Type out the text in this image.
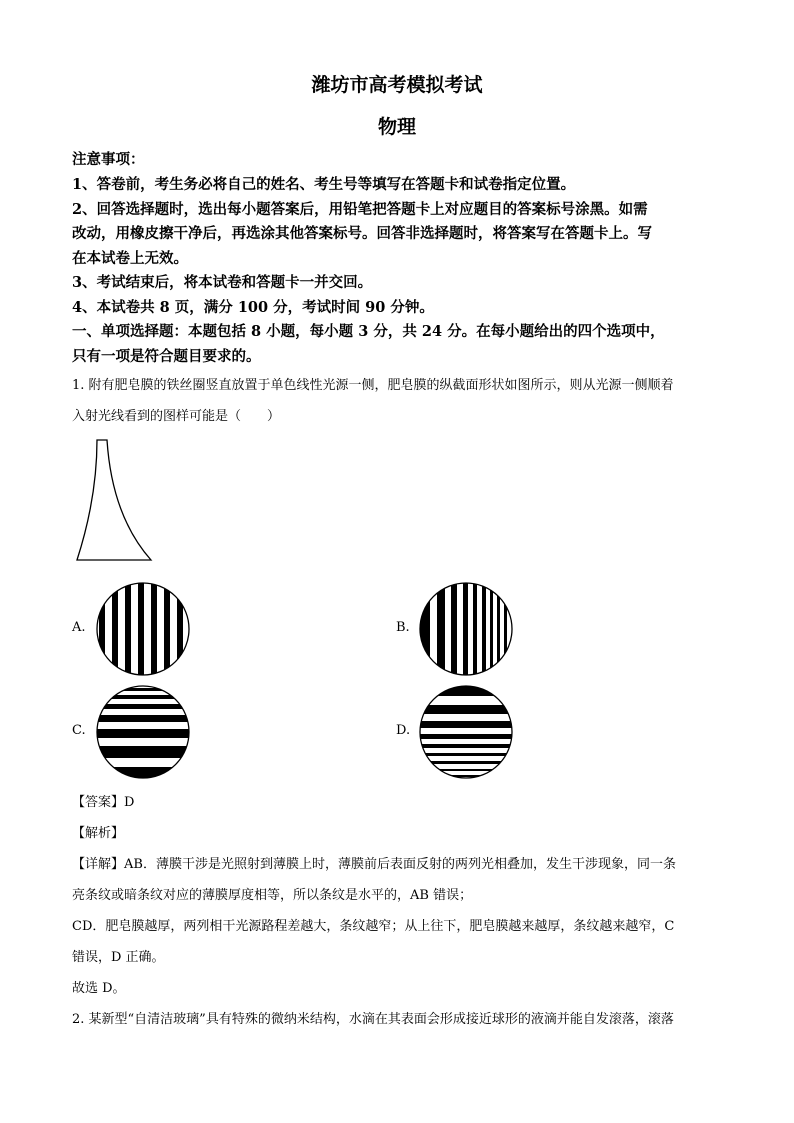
潍坊市高考模拟考试
物理
注意事项：
1、答卷前，考生务必将自己的姓名、考生号等填写在答题卡和试卷指定位置。
2、回答选择题时，选出每小题答案后，用铅笔把答题卡上对应题目的答案标号涂黑。如需
改动，用橡皮擦干净后，再选涂其他答案标号。回答非选择题时，将答案写在答题卡上。写
在本试卷上无效。
3、考试结束后，将本试卷和答题卡一并交回。
4、本试卷共 8 页，满分 100 分，考试时间 90 分钟。
一、单项选择题：本题包括 8 小题，每小题 3 分，共 24 分。在每小题给出的四个选项中，
只有一项是符合题目要求的。
1. 附有肥皂膜的铁丝圈竖直放置于单色线性光源一侧，肥皂膜的纵截面形状如图所示，则从光源一侧顺着
入射光线看到的图样可能是（　　）
A.	B.
C.	D.
【答案】D
【解析】
【详解】AB．薄膜干涉是光照射到薄膜上时，薄膜前后表面反射的两列光相叠加，发生干涉现象，同一条
亮条纹或暗条纹对应的薄膜厚度相等，所以条纹是水平的，AB 错误；
CD．肥皂膜越厚，两列相干光源路程差越大，条纹越窄；从上往下，肥皂膜越来越厚，条纹越来越窄，C
错误，D 正确。
故选 D。
2. 某新型“自清洁玻璃”具有特殊的微纳米结构，水滴在其表面会形成接近球形的液滴并能自发滚落，滚落
